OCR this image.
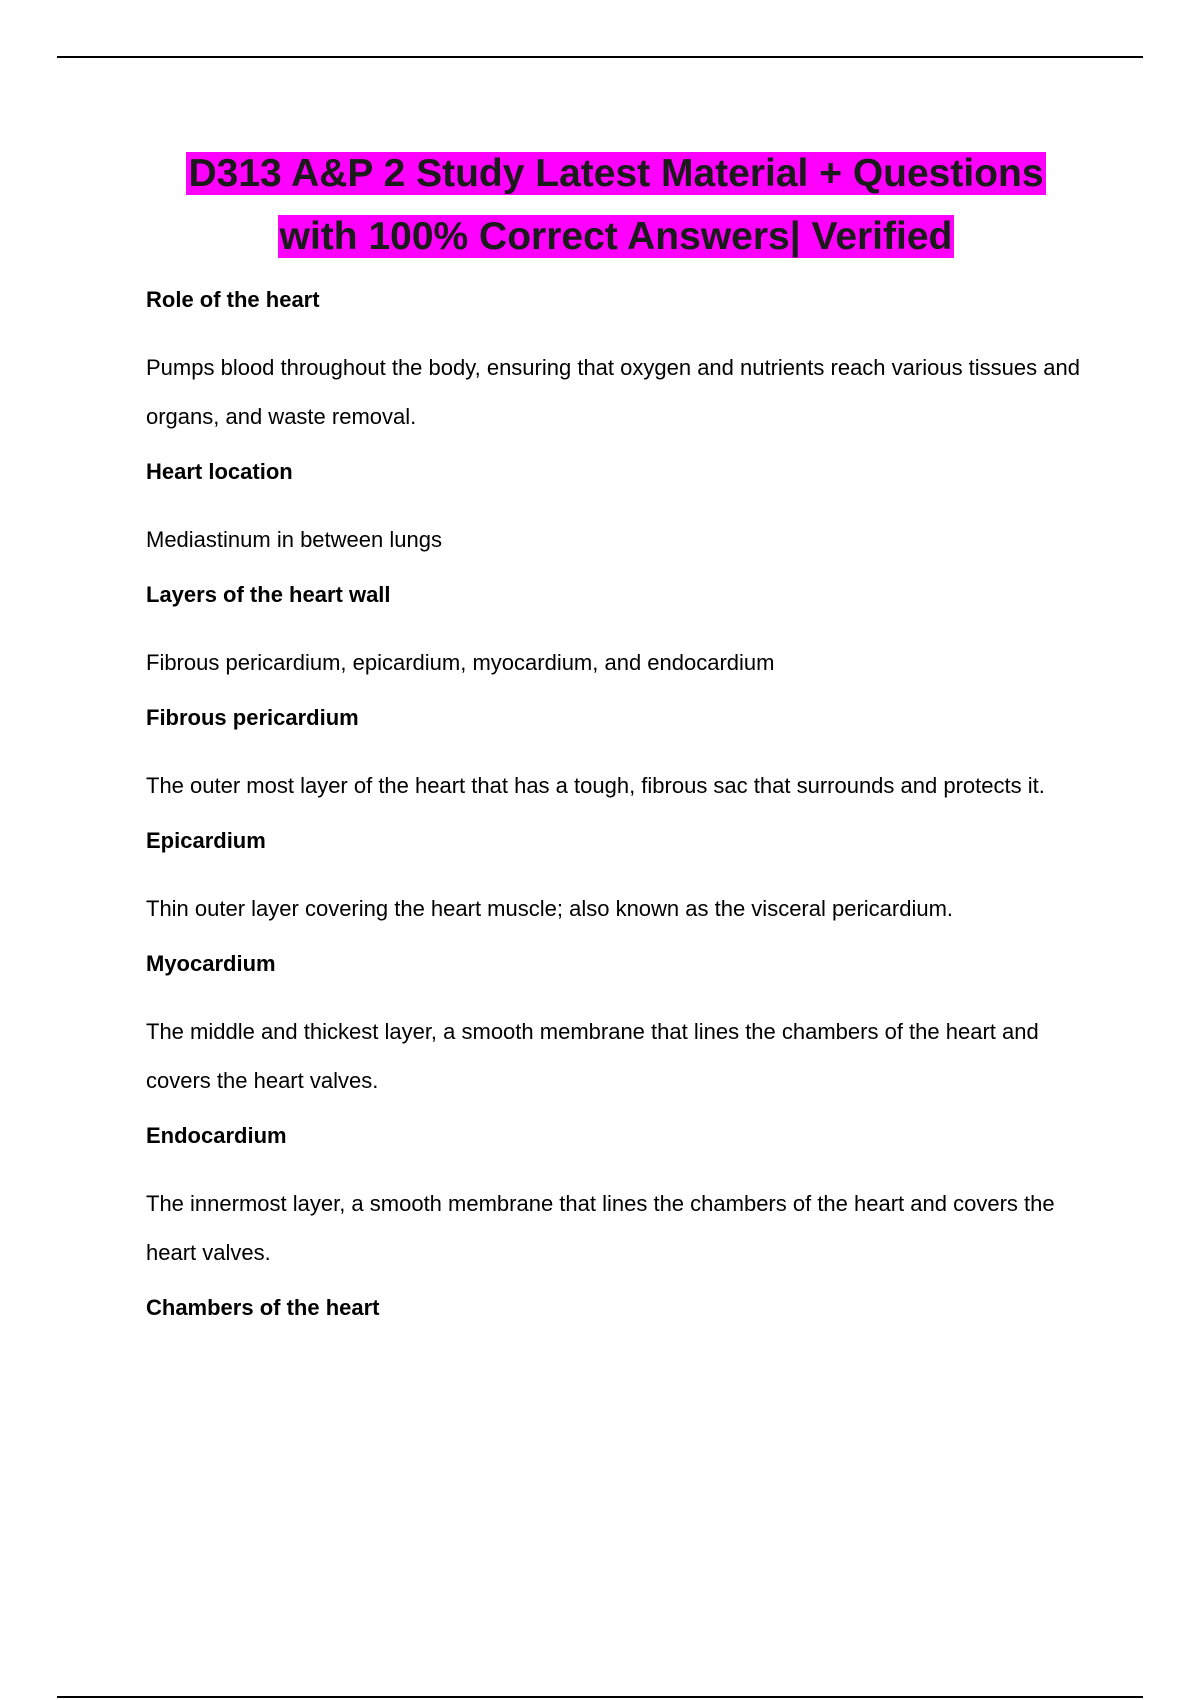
D313 A&P 2 Study Latest Material + Questions
with 100% Correct Answers| Verified
Role of the heart
Pumps blood throughout the body, ensuring that oxygen and nutrients reach various tissues and organs, and waste removal.
Heart location
Mediastinum in between lungs
Layers of the heart wall
Fibrous pericardium, epicardium, myocardium, and endocardium
Fibrous pericardium
The outer most layer of the heart that has a tough, fibrous sac that surrounds and protects it.
Epicardium
Thin outer layer covering the heart muscle; also known as the visceral pericardium.
Myocardium
The middle and thickest layer, a smooth membrane that lines the chambers of the heart and covers the heart valves.
Endocardium
The innermost layer, a smooth membrane that lines the chambers of the heart and covers the heart valves.
Chambers of the heart
